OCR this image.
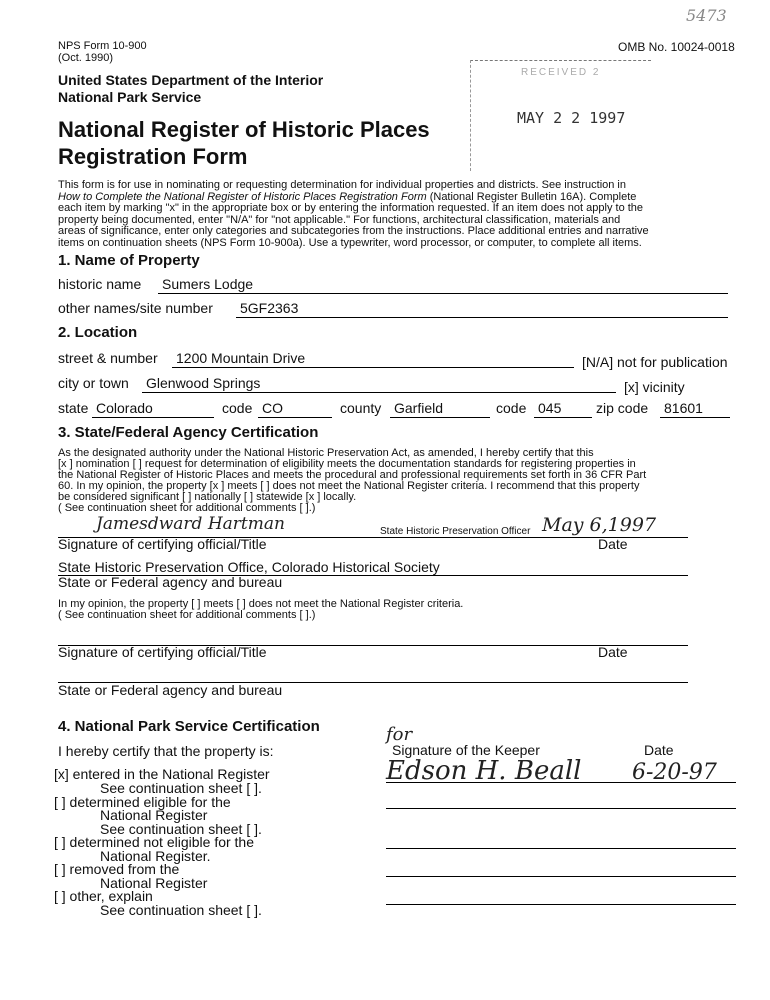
5473
NPS Form 10-900
(Oct. 1990)
OMB No. 10024-0018
United States Department of the Interior
National Park Service
National Register of Historic Places
Registration Form
RECEIVED 2
MAY 2 2 1997
This form is for use in nominating or requesting determination for individual properties and districts. See instruction in
How to Complete the National Register of Historic Places Registration Form (National Register Bulletin 16A). Complete
each item by marking "x" in the appropriate box or by entering the information requested. If an item does not apply to the
property being documented, enter "N/A" for "not applicable." For functions, architectural classification, materials and
areas of significance, enter only categories and subcategories from the instructions. Place additional entries and narrative
items on continuation sheets (NPS Form 10-900a). Use a typewriter, word processor, or computer, to complete all items.
1. Name of Property
historic name Sumers Lodge
other names/site number 5GF2363
2. Location
street & number 1200 Mountain Drive	[N/A] not for publication
city or town Glenwood Springs	[x] vicinity
state Colorado	code CO	county Garfield	code 045	zip code 81601
3. State/Federal Agency Certification
As the designated authority under the National Historic Preservation Act, as amended, I hereby certify that this
[x ] nomination [ ] request for determination of eligibility meets the documentation standards for registering properties in
the National Register of Historic Places and meets the procedural and professional requirements set forth in 36 CFR Part
60. In my opinion, the property [x ] meets [ ] does not meet the National Register criteria. I recommend that this property
be considered significant [ ] nationally [ ] statewide [x ] locally.
( See continuation sheet for additional comments [ ].)
Jamesdward Hartman	State Historic Preservation Officer May 6,1997
Signature of certifying official/Title	Date
State Historic Preservation Office, Colorado Historical Society
State or Federal agency and bureau
In my opinion, the property [ ] meets [ ] does not meet the National Register criteria.
( See continuation sheet for additional comments [ ].)
Signature of certifying official/Title	Date
State or Federal agency and bureau
4. National Park Service Certification
I hereby certify that the property is:
for
Signature of the Keeper	Date
Edson H. Beall 6-20-97
[x] entered in the National Register
See continuation sheet [ ].
[ ] determined eligible for the
National Register
See continuation sheet [ ].
[ ] determined not eligible for the
National Register.
[ ] removed from the
National Register
[ ] other, explain
See continuation sheet [ ].
